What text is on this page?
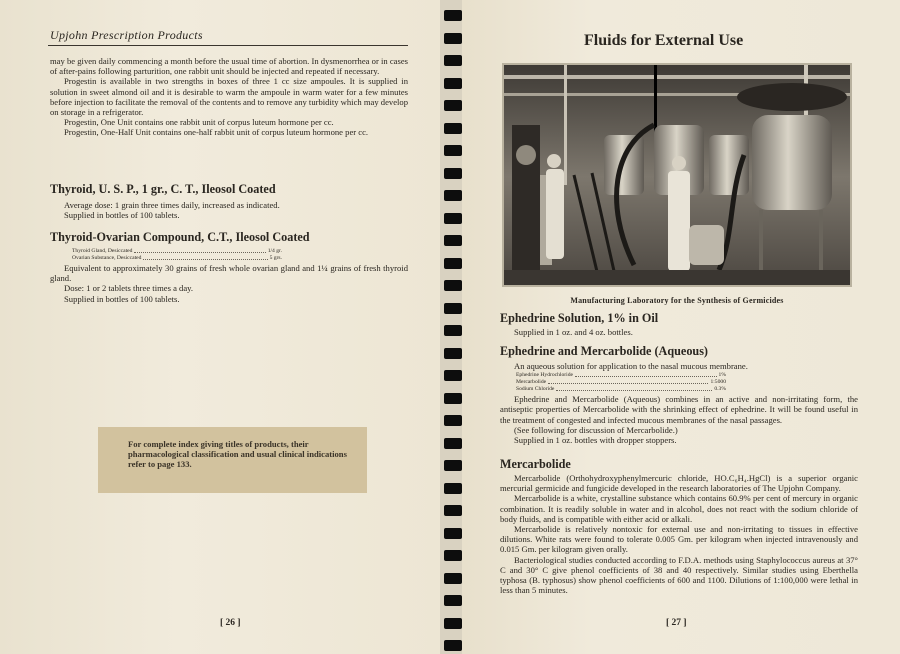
Upjohn Prescription Products

may be given daily commencing a month before the usual time of abortion. In dysmenorrhea or in cases of after-pains following parturition, one rabbit unit should be injected and repeated if necessary.

Progestin is available in two strengths in boxes of three 1 cc size ampoules. It is supplied in solution in sweet almond oil and it is desirable to warm the ampoule in warm water for a few minutes before injection to facilitate the removal of the contents and to remove any turbidity which may develop on storage in a refrigerator.

Progestin, One Unit contains one rabbit unit of corpus luteum hormone per cc.

Progestin, One-Half Unit contains one-half rabbit unit of corpus luteum hormone per cc.

Thyroid, U. S. P., 1 gr., C. T., Ileosol Coated

Average dose: 1 grain three times daily, increased as indicated.

Supplied in bottles of 100 tablets.

Thyroid-Ovarian Compound, C.T., Ileosol Coated
Thyroid Gland, Desiccated	1/4 gr.
Ovarian Substance, Desiccated	5 grs.

Equivalent to approximately 30 grains of fresh whole ovarian gland and 1¼ grains of fresh thyroid gland.

Dose: 1 or 2 tablets three times a day.

Supplied in bottles of 100 tablets.

For complete index giving titles of products, their pharmacological classification and usual clinical indications refer to page 133.
[ 26 ]
Fluids for External Use
Manufacturing Laboratory for the Synthesis of Germicides
Ephedrine Solution, 1% in Oil

Supplied in 1 oz. and 4 oz. bottles.

Ephedrine and Mercarbolide (Aqueous)

An aqueous solution for application to the nasal mucous membrane.

Ephedrine Hydrochloride	1%
Mercarbolide	1:5000
Sodium Chloride	0.3%

Ephedrine and Mercarbolide (Aqueous) combines in an active and non-irritating form, the antiseptic properties of Mercarbolide with the shrinking effect of ephedrine. It will be found useful in the treatment of congested and infected mucous membranes of the nasal passages.

(See following for discussion of Mercarbolide.)

Supplied in 1 oz. bottles with dropper stoppers.

Mercarbolide

Mercarbolide (Orthohydroxyphenylmercuric chloride, HO.C₆H₄.HgCl) is a superior organic mercurial germicide and fungicide developed in the research laboratories of The Upjohn Company.

Mercarbolide is a white, crystalline substance which contains 60.9% per cent of mercury in organic combination. It is readily soluble in water and in alcohol, does not react with the sodium chloride of body fluids, and is compatible with either acid or alkali.

Mercarbolide is relatively nontoxic for external use and non-irritating to tissues in effective dilutions. White rats were found to tolerate 0.005 Gm. per kilogram when injected intravenously and 0.015 Gm. per kilogram given orally.

Bacteriological studies conducted according to F.D.A. methods using Staphylococcus aureus at 37° C and 30° C give phenol coefficients of 38 and 40 respectively. Similar studies using Eberthella typhosa (B. typhosus) show phenol coefficients of 600 and 1100. Dilutions of 1:100,000 were lethal in less than 5 minutes.

[ 27 ]
